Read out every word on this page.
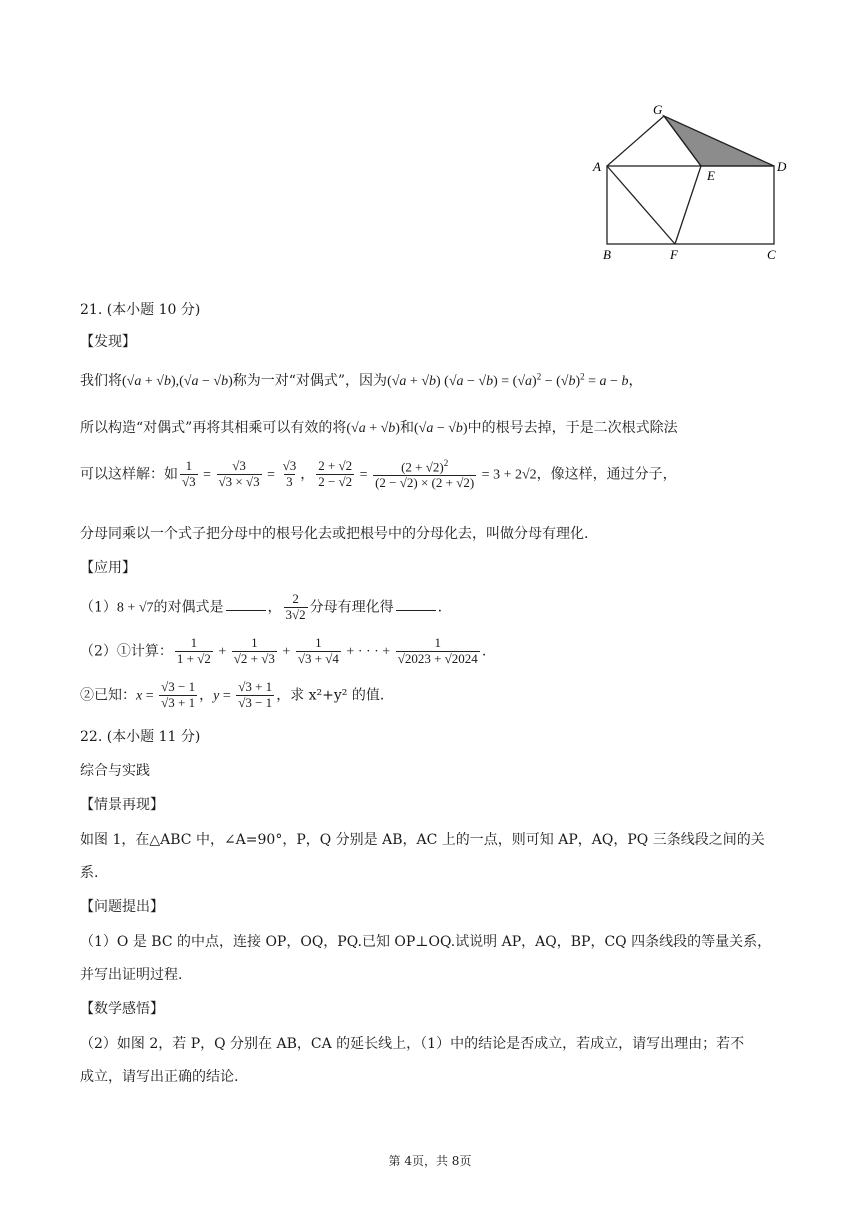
G
A
E
D
B	F	C
21. (本小题 10 分)
【发现】
我们将(√a + √b),(√a − √b)称为一对“对偶式”，因为(√a + √b) $(√a - √b) = (√a)^2 - (√b)^2 = a - b$，
所以构造“对偶式”再将其相乘可以有效的将(√a + √b)和(√a − √b)中的根号去掉，于是二次根式除法
可以这样解：如 $\frac{1}{√3} = \frac{√3}{√3 \times √3} = \frac{√3}{3}$ ， $\frac{2 + √2}{2 - √2} = \frac{(2 + √2)^2}{(2 - √2) \times (2 + √2)} = 3 + 2√2$，像这样，通过分子，
分母同乘以一个式子把分母中的根号化去或把根号中的分母化去，叫做分母有理化.
【应用】
（1）8 + √7的对偶式是	， $\frac{2}{3√2}$ 分母有理化得	.
（2）①计算： $\frac{1}{1 + √2} + \frac{1}{√2 + √3} + \frac{1}{√3 + √4}$ + · · · + $\frac{1}{√2023 + √2024}$ .
②已知：$x = \frac{√3 - 1}{√3 + 1}$ ，$y = \frac{√3 + 1}{√3 - 1}$ ，求 x²+y² 的值.
22. (本小题 11 分)
综合与实践
【情景再现】
如图 1，在△ABC 中，∠A=90°，P，Q 分别是 AB，AC 上的一点，则可知 AP，AQ，PQ 三条线段之间的关
系.
【问题提出】
（1）O 是 BC 的中点，连接 OP，OQ，PQ.已知 OP⊥OQ.试说明 AP，AQ，BP，CQ 四条线段的等量关系，
并写出证明过程.
【数学感悟】
（2）如图 2，若 P，Q 分别在 AB，CA 的延长线上，（1）中的结论是否成立，若成立，请写出理由；若不
成立，请写出正确的结论.
第 4页，共 8页
